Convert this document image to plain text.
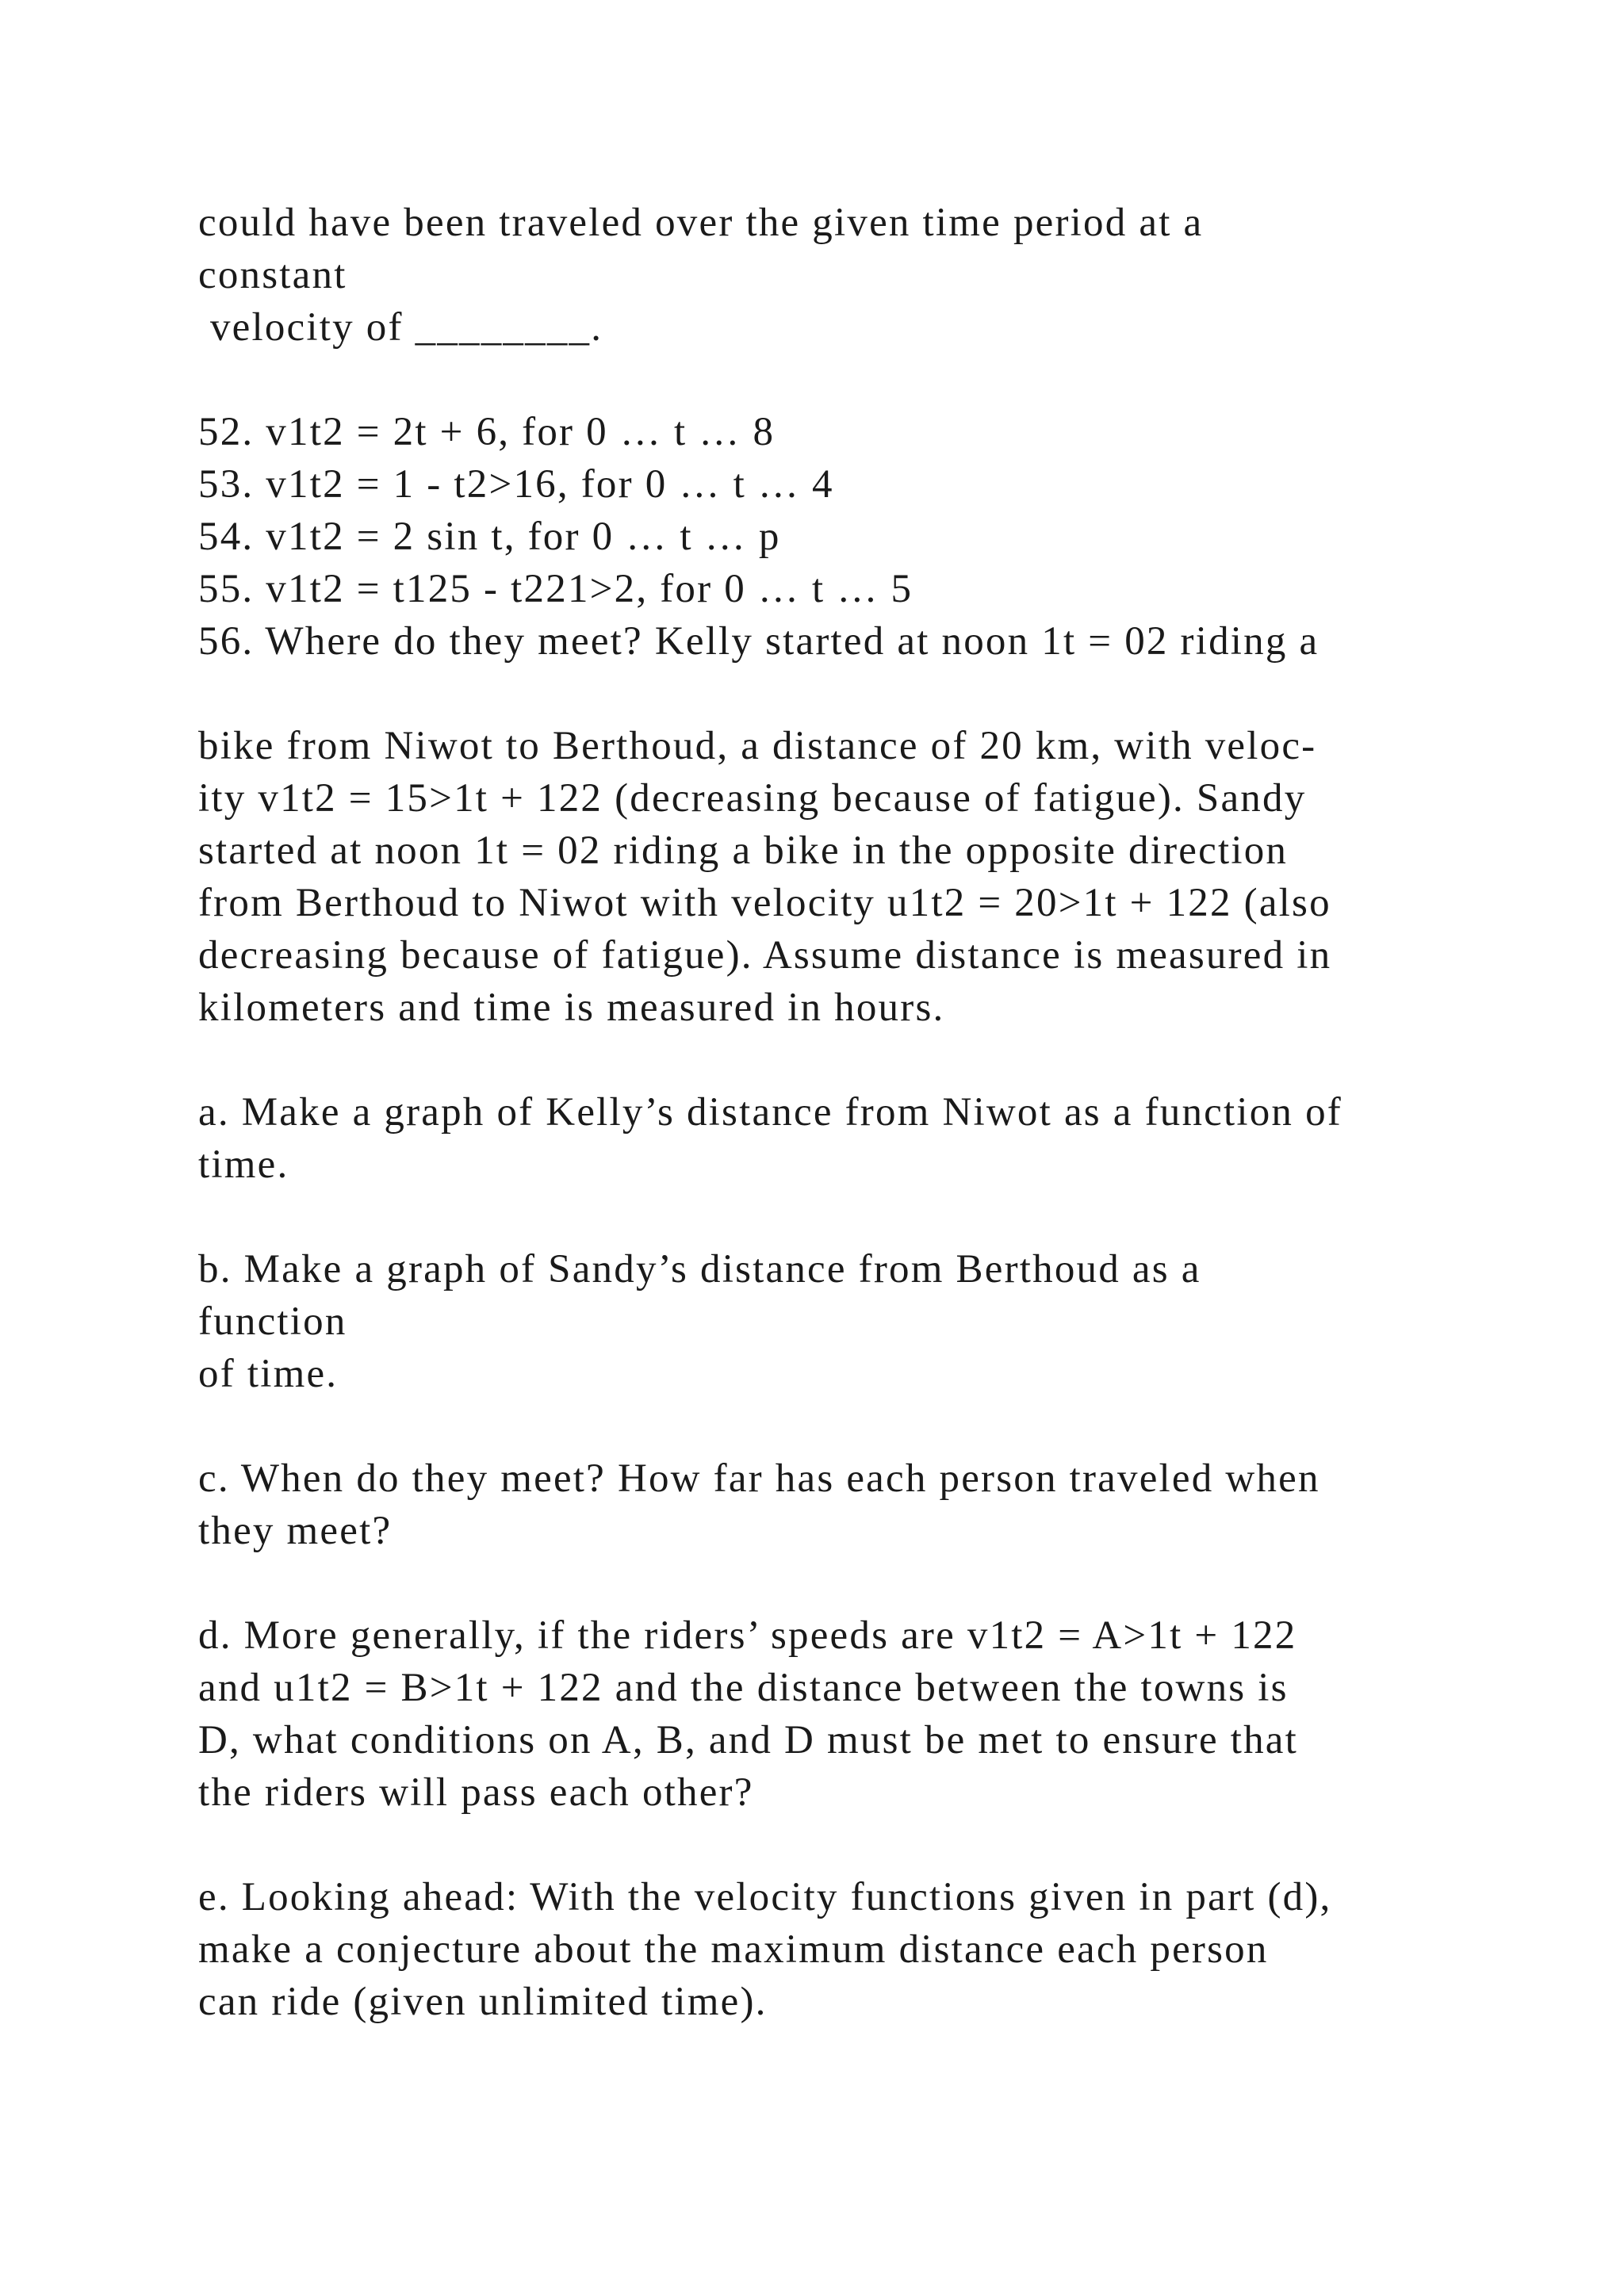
could have been traveled over the given time period at a
constant
velocity of ________.
52. v1t2 = 2t + 6, for 0 … t … 8
53. v1t2 = 1 - t2>16, for 0 … t … 4
54. v1t2 = 2 sin t, for 0 … t … p
55. v1t2 = t125 - t221>2, for 0 … t … 5
56. Where do they meet? Kelly started at noon 1t = 02 riding a
bike from Niwot to Berthoud, a distance of 20 km, with veloc-
ity v1t2 = 15>1t + 122 (decreasing because of fatigue). Sandy
started at noon 1t = 02 riding a bike in the opposite direction
from Berthoud to Niwot with velocity u1t2 = 20>1t + 122 (also
decreasing because of fatigue). Assume distance is measured in
kilometers and time is measured in hours.
a. Make a graph of Kelly’s distance from Niwot as a function of
time.
b. Make a graph of Sandy’s distance from Berthoud as a
function
of time.
c. When do they meet? How far has each person traveled when
they meet?
d. More generally, if the riders’ speeds are v1t2 = A>1t + 122
and u1t2 = B>1t + 122 and the distance between the towns is
D, what conditions on A, B, and D must be met to ensure that
the riders will pass each other?
e. Looking ahead: With the velocity functions given in part (d),
make a conjecture about the maximum distance each person
can ride (given unlimited time).
